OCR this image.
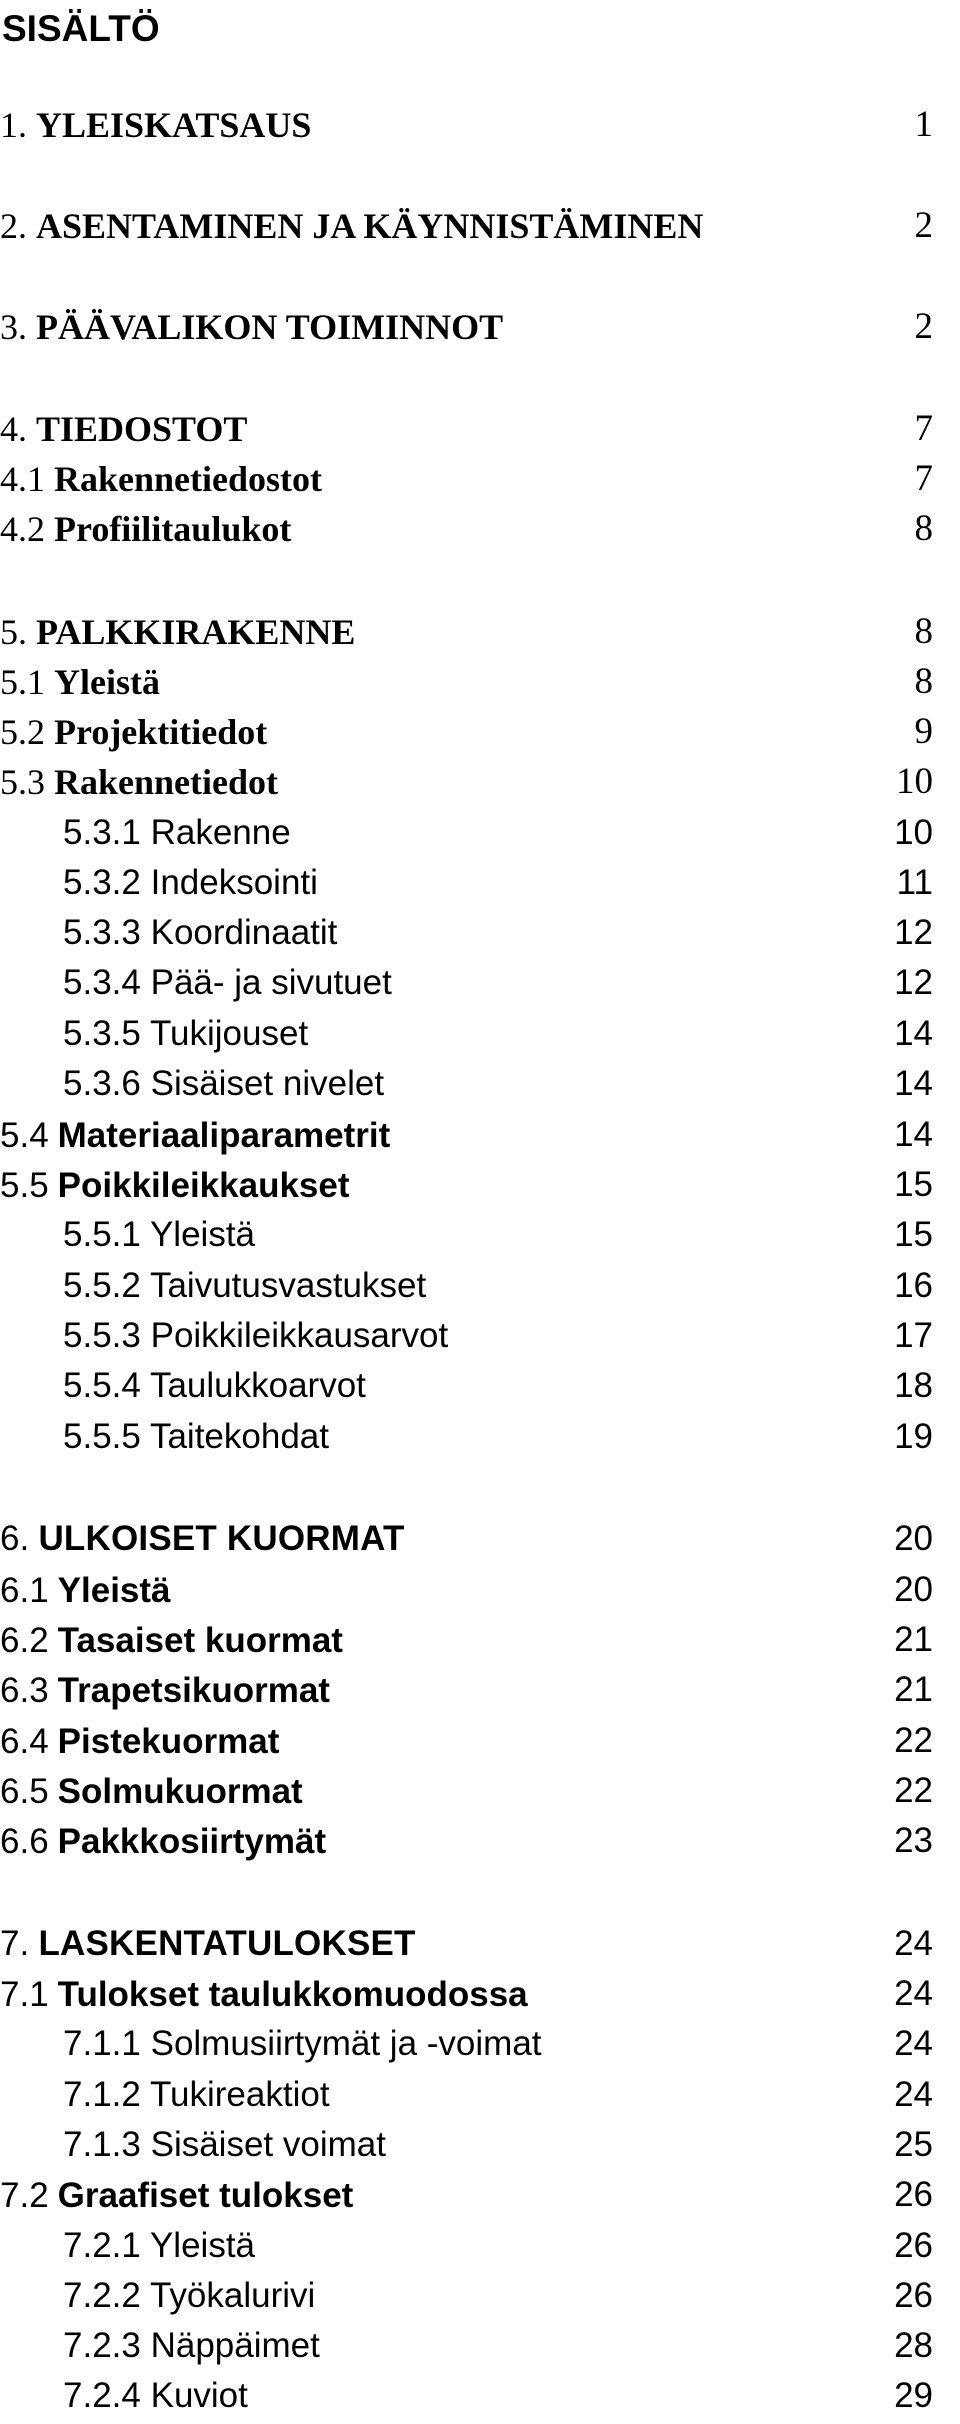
SISÄLTÖ
1. YLEISKATSAUS	1
2. ASENTAMINEN JA KÄYNNISTÄMINEN	2
3. PÄÄVALIKON TOIMINNOT	2
4. TIEDOSTOT	7
4.1 Rakennetiedostot	7
4.2 Profiilitaulukot	8
5. PALKKIRAKENNE	8
5.1 Yleistä	8
5.2 Projektitiedot	9
5.3 Rakennetiedot	10
5.3.1 Rakenne	10
5.3.2 Indeksointi	11
5.3.3 Koordinaatit	12
5.3.4 Pää- ja sivutuet	12
5.3.5 Tukijouset	14
5.3.6 Sisäiset nivelet	14
5.4 Materiaaliparametrit	14
5.5 Poikkileikkaukset	15
5.5.1 Yleistä	15
5.5.2 Taivutusvastukset	16
5.5.3 Poikkileikkausarvot	17
5.5.4 Taulukkoarvot	18
5.5.5 Taitekohdat	19
6. ULKOISET KUORMAT	20
6.1 Yleistä	20
6.2 Tasaiset kuormat	21
6.3 Trapetsikuormat	21
6.4 Pistekuormat	22
6.5 Solmukuormat	22
6.6 Pakkkosiirtymät	23
7. LASKENTATULOKSET	24
7.1 Tulokset taulukkomuodossa	24
7.1.1 Solmusiirtymät ja -voimat	24
7.1.2 Tukireaktiot	24
7.1.3 Sisäiset voimat	25
7.2 Graafiset tulokset	26
7.2.1 Yleistä	26
7.2.2 Työkalurivi	26
7.2.3 Näppäimet	28
7.2.4 Kuviot	29
